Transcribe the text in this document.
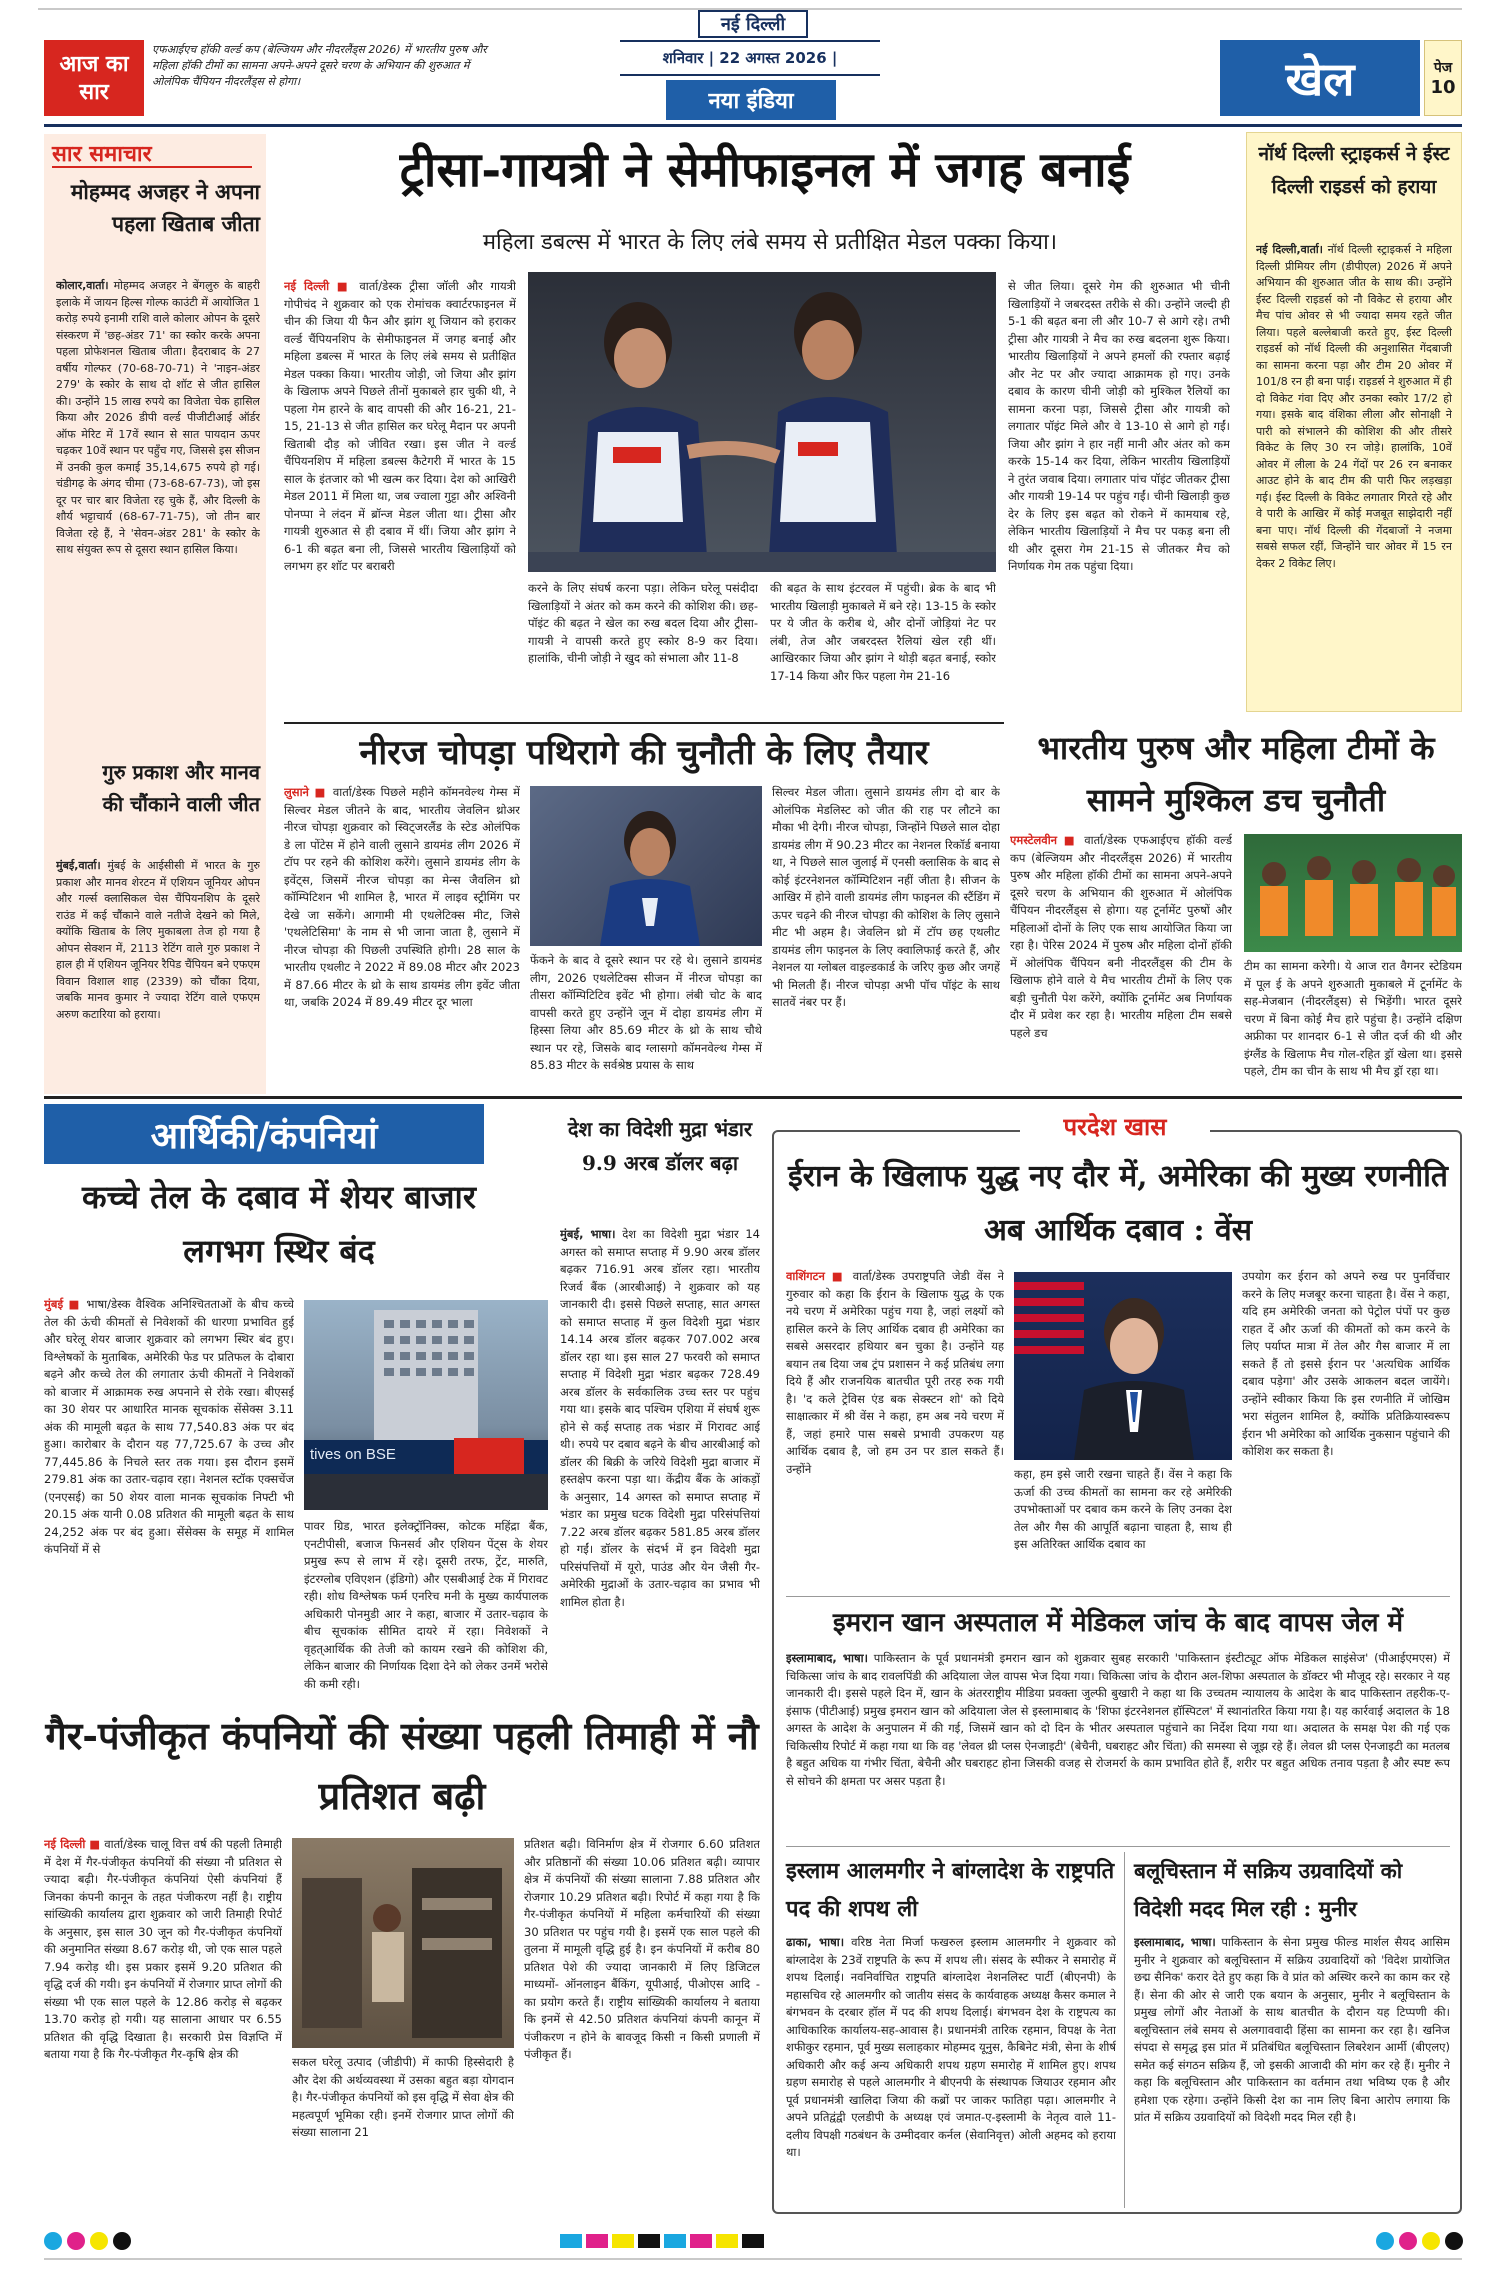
आज का सार
एफआईएच हॉकी वर्ल्ड कप (बेल्जियम और नीदरलैंड्स 2026) में भारतीय पुरुष और महिला हॉकी टीमों का सामना अपने-अपने दूसरे चरण के अभियान की शुरुआत में ओलंपिक चैंपियन नीदरलैंड्स से होगा।
नई दिल्ली
शनिवार | 22 अगस्त 2026 |
नया इंडिया	खेल	पेज
10
सार समाचार
मोहम्मद अजहर ने अपना पहला खिताब जीता
कोलार,वार्ता। मोहम्मद अजहर ने बेंगलुरु के बाहरी इलाके में जायन हिल्स गोल्फ काउंटी में आयोजित 1 करोड़ रुपये इनामी राशि वाले कोलार ओपन के दूसरे संस्करण में 'छह-अंडर 71' का स्कोर करके अपना पहला प्रोफेशनल खिताब जीता। हैदराबाद के 27 वर्षीय गोल्फर (70-68-70-71) ने 'नाइन-अंडर 279' के स्कोर के साथ दो शॉट से जीत हासिल की। उन्होंने 15 लाख रुपये का विजेता चेक हासिल किया और 2026 डीपी वर्ल्ड पीजीटीआई ऑर्डर ऑफ मेरिट में 17वें स्थान से सात पायदान ऊपर चढ़कर 10वें स्थान पर पहुँच गए, जिससे इस सीजन में उनकी कुल कमाई 35,14,675 रुपये हो गई। चंडीगढ़ के अंगद चीमा (73-68-67-73), जो इस दूर पर चार बार विजेता रह चुके हैं, और दिल्ली के शौर्य भट्टाचार्य (68-67-71-75), जो तीन बार विजेता रहे हैं, ने 'सेवन-अंडर 281' के स्कोर के साथ संयुक्त रूप से दूसरा स्थान हासिल किया।
गुरु प्रकाश और मानव की चौंकाने वाली जीत
मुंबई,वार्ता। मुंबई के आईसीसी में भारत के गुरु प्रकाश और मानव शेरटन में एशियन जूनियर ओपन और गर्ल्स क्लासिकल चेस चैंपियनशिप के दूसरे राउंड में कई चौंकाने वाले नतीजे देखने को मिले, क्योंकि खिताब के लिए मुकाबला तेज हो गया है ओपन सेक्शन में, 2113 रेटिंग वाले गुरु प्रकाश ने हाल ही में एशियन जूनियर रैपिड चैंपियन बने एफएम विवान विशाल शाह (2339) को चौंका दिया, जबकि मानव कुमार ने ज्यादा रेटिंग वाले एफएम अरुण कटारिया को हराया।
ट्रीसा-गायत्री ने सेमीफाइनल में जगह बनाई
महिला डबल्स में भारत के लिए लंबे समय से प्रतीक्षित मेडल पक्का किया।
नई दिल्ली ■ वार्ता/डेस्क ट्रीसा जॉली और गायत्री गोपीचंद ने शुक्रवार को एक रोमांचक क्वार्टरफाइनल में चीन की जिया यी फैन और झांग शू जियान को हराकर वर्ल्ड चैंपियनशिप के सेमीफाइनल में जगह बनाई और महिला डबल्स में भारत के लिए लंबे समय से प्रतीक्षित मेडल पक्का किया। भारतीय जोड़ी, जो जिया और झांग के खिलाफ अपने पिछले तीनों मुकाबले हार चुकी थी, ने पहला गेम हारने के बाद वापसी की और 16-21, 21-15, 21-13 से जीत हासिल कर घरेलू मैदान पर अपनी खिताबी दौड़ को जीवित रखा। इस जीत ने वर्ल्ड चैंपियनशिप में महिला डबल्स कैटेगरी में भारत के 15 साल के इंतजार को भी खत्म कर दिया। देश को आखिरी मेडल 2011 में मिला था, जब ज्वाला गुट्टा और अश्विनी पोनप्पा ने लंदन में ब्रॉन्ज मेडल जीता था। ट्रीसा और गायत्री शुरुआत से ही दबाव में थीं। जिया और झांग ने 6-1 की बढ़त बना ली, जिससे भारतीय खिलाड़ियों को लगभग हर शॉट पर बराबरी
करने के लिए संघर्ष करना पड़ा। लेकिन घरेलू पसंदीदा खिलाड़ियों ने अंतर को कम करने की कोशिश की। छह-पॉइंट की बढ़त ने खेल का रुख बदल दिया और ट्रीसा-गायत्री ने वापसी करते हुए स्कोर 8-9 कर दिया। हालांकि, चीनी जोड़ी ने खुद को संभाला और 11-8
की बढ़त के साथ इंटरवल में पहुंची। ब्रेक के बाद भी भारतीय खिलाड़ी मुकाबले में बने रहे। 13-15 के स्कोर पर ये जीत के करीब थे, और दोनों जोड़ियां नेट पर लंबी, तेज और जबरदस्त रैलियां खेल रही थीं। आखिरकार जिया और झांग ने थोड़ी बढ़त बनाई, स्कोर 17-14 किया और फिर पहला गेम 21-16
से जीत लिया। दूसरे गेम की शुरुआत भी चीनी खिलाड़ियों ने जबरदस्त तरीके से की। उन्होंने जल्दी ही 5-1 की बढ़त बना ली और 10-7 से आगे रहे। तभी ट्रीसा और गायत्री ने मैच का रुख बदलना शुरू किया। भारतीय खिलाड़ियों ने अपने हमलों की रफ्तार बढ़ाई और नेट पर और ज्यादा आक्रामक हो गए। उनके दबाव के कारण चीनी जोड़ी को मुश्किल रैलियों का सामना करना पड़ा, जिससे ट्रीसा और गायत्री को लगातार पॉइंट मिले और वे 13-10 से आगे हो गईं। जिया और झांग ने हार नहीं मानी और अंतर को कम करके 15-14 कर दिया, लेकिन भारतीय खिलाड़ियों ने तुरंत जवाब दिया। लगातार पांच पॉइंट जीतकर ट्रीसा और गायत्री 19-14 पर पहुंच गईं। चीनी खिलाड़ी कुछ देर के लिए इस बढ़त को रोकने में कामयाब रहे, लेकिन भारतीय खिलाड़ियों ने मैच पर पकड़ बना ली थी और दूसरा गेम 21-15 से जीतकर मैच को निर्णायक गेम तक पहुंचा दिया।
नॉर्थ दिल्ली स्ट्राइकर्स ने ईस्ट दिल्ली राइडर्स को हराया
नई दिल्ली,वार्ता। नॉर्थ दिल्ली स्ट्राइकर्स ने महिला दिल्ली प्रीमियर लीग (डीपीएल) 2026 में अपने अभियान की शुरुआत जीत के साथ की। उन्होंने ईस्ट दिल्ली राइडर्स को नौ विकेट से हराया और मैच पांच ओवर से भी ज्यादा समय रहते जीत लिया। पहले बल्लेबाजी करते हुए, ईस्ट दिल्ली राइडर्स को नॉर्थ दिल्ली की अनुशासित गेंदबाजी का सामना करना पड़ा और टीम 20 ओवर में 101/8 रन ही बना पाई। राइडर्स ने शुरुआत में ही दो विकेट गंवा दिए और उनका स्कोर 17/2 हो गया। इसके बाद वंशिका लीला और सोनाक्षी ने पारी को संभालने की कोशिश की और तीसरे विकेट के लिए 30 रन जोड़े। हालांकि, 10वें ओवर में लीला के 24 गेंदों पर 26 रन बनाकर आउट होने के बाद टीम की पारी फिर लड़खड़ा गई। ईस्ट दिल्ली के विकेट लगातार गिरते रहे और वे पारी के आखिर में कोई मजबूत साझेदारी नहीं बना पाए। नॉर्थ दिल्ली की गेंदबाजों ने नजमा सबसे सफल रहीं, जिन्होंने चार ओवर में 15 रन देकर 2 विकेट लिए।
नीरज चोपड़ा पथिरागे की चुनौती के लिए तैयार
लुसाने ■ वार्ता/डेस्क पिछले महीने कॉमनवेल्थ गेम्स में सिल्वर मेडल जीतने के बाद, भारतीय जेवलिन थ्रोअर नीरज चोपड़ा शुक्रवार को स्विट्जरलैंड के स्टेड ओलंपिक डे ला पोंटेस में होने वाली लुसाने डायमंड लीग 2026 में टॉप पर रहने की कोशिश करेंगे। लुसाने डायमंड लीग के इवेंट्स, जिसमें नीरज चोपड़ा का मेन्स जैवलिन थ्रो कॉम्पिटिशन भी शामिल है, भारत में लाइव स्ट्रीमिंग पर देखे जा सकेंगे। आगामी मी एथलेटिक्स मीट, जिसे 'एथलेटिसिमा' के नाम से भी जाना जाता है, लुसाने में नीरज चोपड़ा की पिछली उपस्थिति होगी। 28 साल के भारतीय एथलीट ने 2022 में 89.08 मीटर और 2023 में 87.66 मीटर के थ्रो के साथ डायमंड लीग इवेंट जीता था, जबकि 2024 में 89.49 मीटर दूर भाला
फेंकने के बाद वे दूसरे स्थान पर रहे थे। लुसाने डायमंड लीग, 2026 एथलेटिक्स सीजन में नीरज चोपड़ा का तीसरा कॉम्पिटिटिव इवेंट भी होगा। लंबी चोट के बाद वापसी करते हुए उन्होंने जून में दोहा डायमंड लीग में हिस्सा लिया और 85.69 मीटर के थ्रो के साथ चौथे स्थान पर रहे, जिसके बाद ग्लासगो कॉमनवेल्थ गेम्स में 85.83 मीटर के सर्वश्रेष्ठ प्रयास के साथ
सिल्वर मेडल जीता। लुसाने डायमंड लीग दो बार के ओलंपिक मेडलिस्ट को जीत की राह पर लौटने का मौका भी देगी। नीरज चोपड़ा, जिन्होंने पिछले साल दोहा डायमंड लीग में 90.23 मीटर का नेशनल रिकॉर्ड बनाया था, ने पिछले साल जुलाई में एनसी क्लासिक के बाद से कोई इंटरनेशनल कॉम्पिटिशन नहीं जीता है। सीजन के आखिर में होने वाली डायमंड लीग फाइनल की स्टैंडिंग में ऊपर चढ़ने की नीरज चोपड़ा की कोशिश के लिए लुसाने मीट भी अहम है। जेवलिन थ्रो में टॉप छह एथलीट डायमंड लीग फाइनल के लिए क्वालिफाई करते हैं, और नेशनल या ग्लोबल वाइल्डकार्ड के जरिए कुछ और जगहें भी मिलती हैं। नीरज चोपड़ा अभी पॉच पॉइंट के साथ सातवें नंबर पर हैं।
भारतीय पुरुष और महिला टीमों के सामने मुश्किल डच चुनौती
एमस्टेलवीन ■ वार्ता/डेस्क एफआईएच हॉकी वर्ल्ड कप (बेल्जियम और नीदरलैंड्स 2026) में भारतीय पुरुष और महिला हॉकी टीमों का सामना अपने-अपने दूसरे चरण के अभियान की शुरुआत में ओलंपिक चैंपियन नीदरलैंड्स से होगा। यह टूर्नामेंट पुरुषों और महिलाओं दोनों के लिए एक साथ आयोजित किया जा रहा है। पेरिस 2024 में पुरुष और महिला दोनों हॉकी में ओलंपिक चैंपियन बनी नीदरलैंड्स की टीम के खिलाफ होने वाले ये मैच भारतीय टीमों के लिए एक बड़ी चुनौती पेश करेंगे, क्योंकि टूर्नामेंट अब निर्णायक दौर में प्रवेश कर रहा है। भारतीय महिला टीम सबसे पहले डच
टीम का सामना करेगी। ये आज रात वैगनर स्टेडियम में पूल ई के अपने शुरुआती मुकाबले में टूर्नामेंट के सह-मेजबान (नीदरलैंड्स) से भिड़ेंगी। भारत दूसरे चरण में बिना कोई मैच हारे पहुंचा है। उन्होंने दक्षिण अफ्रीका पर शानदार 6-1 से जीत दर्ज की थी और इंग्लैंड के खिलाफ मैच गोल-रहित ड्रॉ खेला था। इससे पहले, टीम का चीन के साथ भी मैच ड्रॉ रहा था।
आर्थिकी/कंपनियां
कच्चे तेल के दबाव में शेयर बाजार लगभग स्थिर बंद
मुंबई ■ भाषा/डेस्क वैश्विक अनिश्चितताओं के बीच कच्चे तेल की ऊंची कीमतों से निवेशकों की धारणा प्रभावित हुई और घरेलू शेयर बाजार शुक्रवार को लगभग स्थिर बंद हुए। विश्लेषकों के मुताबिक, अमेरिकी फेड पर प्रतिफल के दोबारा बढ़ने और कच्चे तेल की लगातार ऊंची कीमतों ने निवेशकों को बाजार में आक्रामक रुख अपनाने से रोके रखा। बीएसई का 30 शेयर पर आधारित मानक सूचकांक सेंसेक्स 3.11 अंक की मामूली बढ़त के साथ 77,540.83 अंक पर बंद हुआ। कारोबार के दौरान यह 77,725.67 के उच्च और 77,445.86 के निचले स्तर तक गया। इस दौरान इसमें 279.81 अंक का उतार-चढ़ाव रहा। नेशनल स्टॉक एक्सचेंज (एनएसई) का 50 शेयर वाला मानक सूचकांक निफ्टी भी 20.15 अंक यानी 0.08 प्रतिशत की मामूली बढ़त के साथ 24,252 अंक पर बंद हुआ। सेंसेक्स के समूह में शामिल कंपनियों में से
tives on BSE
पावर ग्रिड, भारत इलेक्ट्रॉनिक्स, कोटक महिंद्रा बैंक, एनटीपीसी, बजाज फिनसर्व और एशियन पेंट्स के शेयर प्रमुख रूप से लाभ में रहे। दूसरी तरफ, ट्रेंट, मारुति, इंटरग्लोब एविएशन (इंडिगो) और एसबीआई टेक में गिरावट रही। शोध विश्लेषक फर्म एनरिच मनी के मुख्य कार्यपालक अधिकारी पोनमुडी आर ने कहा, बाजार में उतार-चढ़ाव के बीच सूचकांक सीमित दायरे में रहा। निवेशकों ने वृहत्आर्थिक की तेजी को कायम रखने की कोशिश की, लेकिन बाजार की निर्णायक दिशा देने को लेकर उनमें भरोसे की कमी रही।
देश का विदेशी मुद्रा भंडार 9.9 अरब डॉलर बढ़ा
मुंबई, भाषा। देश का विदेशी मुद्रा भंडार 14 अगस्त को समाप्त सप्ताह में 9.90 अरब डॉलर बढ़कर 716.91 अरब डॉलर रहा। भारतीय रिजर्व बैंक (आरबीआई) ने शुक्रवार को यह जानकारी दी। इससे पिछले सप्ताह, सात अगस्त को समाप्त सप्ताह में कुल विदेशी मुद्रा भंडार 14.14 अरब डॉलर बढ़कर 707.002 अरब डॉलर रहा था। इस साल 27 फरवरी को समाप्त सप्ताह में विदेशी मुद्रा भंडार बढ़कर 728.49 अरब डॉलर के सर्वकालिक उच्च स्तर पर पहुंच गया था। इसके बाद पश्चिम एशिया में संघर्ष शुरू होने से कई सप्ताह तक भंडार में गिरावट आई थी। रुपये पर दबाव बढ़ने के बीच आरबीआई को डॉलर की बिक्री के जरिये विदेशी मुद्रा बाजार में हस्तक्षेप करना पड़ा था। केंद्रीय बैंक के आंकड़ों के अनुसार, 14 अगस्त को समाप्त सप्ताह में भंडार का प्रमुख घटक विदेशी मुद्रा परिसंपत्तियां 7.22 अरब डॉलर बढ़कर 581.85 अरब डॉलर हो गईं। डॉलर के संदर्भ में इन विदेशी मुद्रा परिसंपत्तियों में यूरो, पाउंड और येन जैसी गैर-अमेरिकी मुद्राओं के उतार-चढ़ाव का प्रभाव भी शामिल होता है।
गैर-पंजीकृत कंपनियों की संख्या पहली तिमाही में नौ प्रतिशत बढ़ी
नई दिल्ली ■ वार्ता/डेस्क चालू वित्त वर्ष की पहली तिमाही में देश में गैर-पंजीकृत कंपनियों की संख्या नौ प्रतिशत से ज्यादा बढ़ी। गैर-पंजीकृत कंपनियां ऐसी कंपनियां हैं जिनका कंपनी कानून के तहत पंजीकरण नहीं है। राष्ट्रीय सांख्यिकी कार्यालय द्वारा शुक्रवार को जारी तिमाही रिपोर्ट के अनुसार, इस साल 30 जून को गैर-पंजीकृत कंपनियों की अनुमानित संख्या 8.67 करोड़ थी, जो एक साल पहले 7.94 करोड़ थी। इस प्रकार इसमें 9.20 प्रतिशत की वृद्धि दर्ज की गयी। इन कंपनियों में रोजगार प्राप्त लोगों की संख्या भी एक साल पहले के 12.86 करोड़ से बढ़कर 13.70 करोड़ हो गयी। यह सालाना आधार पर 6.55 प्रतिशत की वृद्धि दिखाता है। सरकारी प्रेस विज्ञप्ति में बताया गया है कि गैर-पंजीकृत गैर-कृषि क्षेत्र की
सकल घरेलू उत्पाद (जीडीपी) में काफी हिस्सेदारी है और देश की अर्थव्यवस्था में उसका बहुत बड़ा योगदान है। गैर-पंजीकृत कंपनियों को इस वृद्धि में सेवा क्षेत्र की महत्वपूर्ण भूमिका रही। इनमें रोजगार प्राप्त लोगों की संख्या सालाना 21
प्रतिशत बढ़ी। विनिर्माण क्षेत्र में रोजगार 6.60 प्रतिशत और प्रतिष्ठानों की संख्या 10.06 प्रतिशत बढ़ी। व्यापार क्षेत्र में कंपनियों की संख्या सालाना 7.88 प्रतिशत और रोजगार 10.29 प्रतिशत बढ़ी। रिपोर्ट में कहा गया है कि गैर-पंजीकृत कंपनियों में महिला कर्मचारियों की संख्या 30 प्रतिशत पर पहुंच गयी है। इसमें एक साल पहले की तुलना में मामूली वृद्धि हुई है। इन कंपनियों में करीब 80 प्रतिशत पेशे की ज्यादा जानकारी में लिए डिजिटल माध्यमों- ऑनलाइन बैंकिंग, यूपीआई, पीओएस आदि - का प्रयोग करते हैं। राष्ट्रीय सांख्यिकी कार्यालय ने बताया कि इनमें से 42.50 प्रतिशत कंपनियां कंपनी कानून में पंजीकरण न होने के बावजूद किसी न किसी प्रणाली में पंजीकृत हैं।
परदेश खास
ईरान के खिलाफ युद्ध नए दौर में, अमेरिका की मुख्य रणनीति अब आर्थिक दबाव : वेंस
वाशिंगटन ■ वार्ता/डेस्क उपराष्ट्रपति जेडी वेंस ने गुरुवार को कहा कि ईरान के खिलाफ युद्ध के एक नये चरण में अमेरिका पहुंच गया है, जहां लक्ष्यों को हासिल करने के लिए आर्थिक दबाव ही अमेरिका का सबसे असरदार हथियार बन चुका है। उन्होंने यह बयान तब दिया जब ट्रंप प्रशासन ने कई प्रतिबंध लगा दिये हैं और राजनयिक बातचीत पूरी तरह रुक गयी है। 'द कले ट्रेविस एंड बक सेक्स्टन शो' को दिये साक्षात्कार में श्री वेंस ने कहा, हम अब नये चरण में हैं, जहां हमारे पास सबसे प्रभावी उपकरण यह आर्थिक दबाव है, जो हम उन पर डाल सकते हैं। उन्होंने	कहा, हम इसे जारी रखना चाहते हैं। वेंस ने कहा कि ऊर्जा की उच्च कीमतों का सामना कर रहे अमेरिकी उपभोक्ताओं पर दबाव कम करने के लिए उनका देश तेल और गैस की आपूर्ति बढ़ाना चाहता है, साथ ही इस अतिरिक्त आर्थिक दबाव का
उपयोग कर ईरान को अपने रुख पर पुनर्विचार करने के लिए मजबूर करना चाहता है। वेंस ने कहा, यदि हम अमेरिकी जनता को पेट्रोल पंपों पर कुछ राहत दें और ऊर्जा की कीमतों को कम करने के लिए पर्याप्त मात्रा में तेल और गैस बाजार में ला सकते हैं तो इससे ईरान पर 'अत्यधिक आर्थिक दबाव पड़ेगा' और उसके आकलन बदल जायेंगे। उन्होंने स्वीकार किया कि इस रणनीति में जोखिम भरा संतुलन शामिल है, क्योंकि प्रतिक्रियास्वरूप ईरान भी अमेरिका को आर्थिक नुकसान पहुंचाने की कोशिश कर सकता है।
इमरान खान अस्पताल में मेडिकल जांच के बाद वापस जेल में
इस्लामाबाद, भाषा। पाकिस्तान के पूर्व प्रधानमंत्री इमरान खान को शुक्रवार सुबह सरकारी 'पाकिस्तान इंस्टीट्यूट ऑफ मेडिकल साइंसेज' (पीआईएमएस) में चिकित्सा जांच के बाद रावलपिंडी की अदियाला जेल वापस भेज दिया गया। चिकित्सा जांच के दौरान अल-शिफा अस्पताल के डॉक्टर भी मौजूद रहे। सरकार ने यह जानकारी दी। इससे पहले दिन में, खान के अंतरराष्ट्रीय मीडिया प्रवक्ता जुल्फी बुखारी ने कहा था कि उच्चतम न्यायालय के आदेश के बाद पाकिस्तान तहरीक-ए-इंसाफ (पीटीआई) प्रमुख इमरान खान को अदियाला जेल से इस्लामाबाद के 'शिफा इंटरनेशनल हॉस्पिटल' में स्थानांतरित किया गया है। यह कार्रवाई अदालत के 18 अगस्त के आदेश के अनुपालन में की गई, जिसमें खान को दो दिन के भीतर अस्पताल पहुंचाने का निर्देश दिया गया था। अदालत के समक्ष पेश की गई एक चिकित्सीय रिपोर्ट में कहा गया था कि वह 'लेवल थ्री प्लस ऐनजाइटी' (बेचैनी, घबराहट और चिंता) की समस्या से जूझ रहे हैं। लेवल थ्री प्लस ऐनजाइटी का मतलब है बहुत अधिक या गंभीर चिंता, बेचैनी और घबराहट होना जिसकी वजह से रोजमर्रा के काम प्रभावित होते हैं, शरीर पर बहुत अधिक तनाव पड़ता है और स्पष्ट रूप से सोचने की क्षमता पर असर पड़ता है।
इस्लाम आलमगीर ने बांग्लादेश के राष्ट्रपति पद की शपथ ली
ढाका, भाषा। वरिष्ठ नेता मिर्जा फखरुल इस्लाम आलमगीर ने शुक्रवार को बांग्लादेश के 23वें राष्ट्रपति के रूप में शपथ ली। संसद के स्पीकर ने समारोह में शपथ दिलाई। नवनिर्वाचित राष्ट्रपति बांग्लादेश नेशनलिस्ट पार्टी (बीएनपी) के महासचिव रहे आलमगीर को जातीय संसद के कार्यवाहक अध्यक्ष कैसर कमाल ने बंगभवन के दरबार हॉल में पद की शपथ दिलाई। बंगभवन देश के राष्ट्रपत्य का आधिकारिक कार्यालय-सह-आवास है। प्रधानमंत्री तारिक रहमान, विपक्ष के नेता शफीकुर रहमान, पूर्व मुख्य सलाहकार मोहम्मद यूनुस, कैबिनेट मंत्री, सेना के शीर्ष अधिकारी और कई अन्य अधिकारी शपथ ग्रहण समारोह में शामिल हुए। शपथ ग्रहण समारोह से पहले आलमगीर ने बीएनपी के संस्थापक जियाउर रहमान और पूर्व प्रधानमंत्री खालिदा जिया की कब्रों पर जाकर फातिहा पढ़ा। आलमगीर ने अपने प्रतिद्वंद्वी एलडीपी के अध्यक्ष एवं जमात-ए-इस्लामी के नेतृत्व वाले 11-दलीय विपक्षी गठबंधन के उम्मीदवार कर्नल (सेवानिवृत्त) ओली अहमद को हराया था।
बलूचिस्तान में सक्रिय उग्रवादियों को विदेशी मदद मिल रही : मुनीर
इस्लामाबाद, भाषा। पाकिस्तान के सेना प्रमुख फील्ड मार्शल सैयद आसिम मुनीर ने शुक्रवार को बलूचिस्तान में सक्रिय उग्रवादियों को 'विदेश प्रायोजित छद्म सैनिक' करार देते हुए कहा कि वे प्रांत को अस्थिर करने का काम कर रहे हैं। सेना की ओर से जारी एक बयान के अनुसार, मुनीर ने बलूचिस्तान के प्रमुख लोगों और नेताओं के साथ बातचीत के दौरान यह टिप्पणी की। बलूचिस्तान लंबे समय से अलगाववादी हिंसा का सामना कर रहा है। खनिज संपदा से समृद्ध इस प्रांत में प्रतिबंधित बलूचिस्तान लिबरेशन आर्मी (बीएलए) समेत कई संगठन सक्रिय हैं, जो इसकी आजादी की मांग कर रहे हैं। मुनीर ने कहा कि बलूचिस्तान और पाकिस्तान का वर्तमान तथा भविष्य एक है और हमेशा एक रहेगा। उन्होंने किसी देश का नाम लिए बिना आरोप लगाया कि प्रांत में सक्रिय उग्रवादियों को विदेशी मदद मिल रही है।
